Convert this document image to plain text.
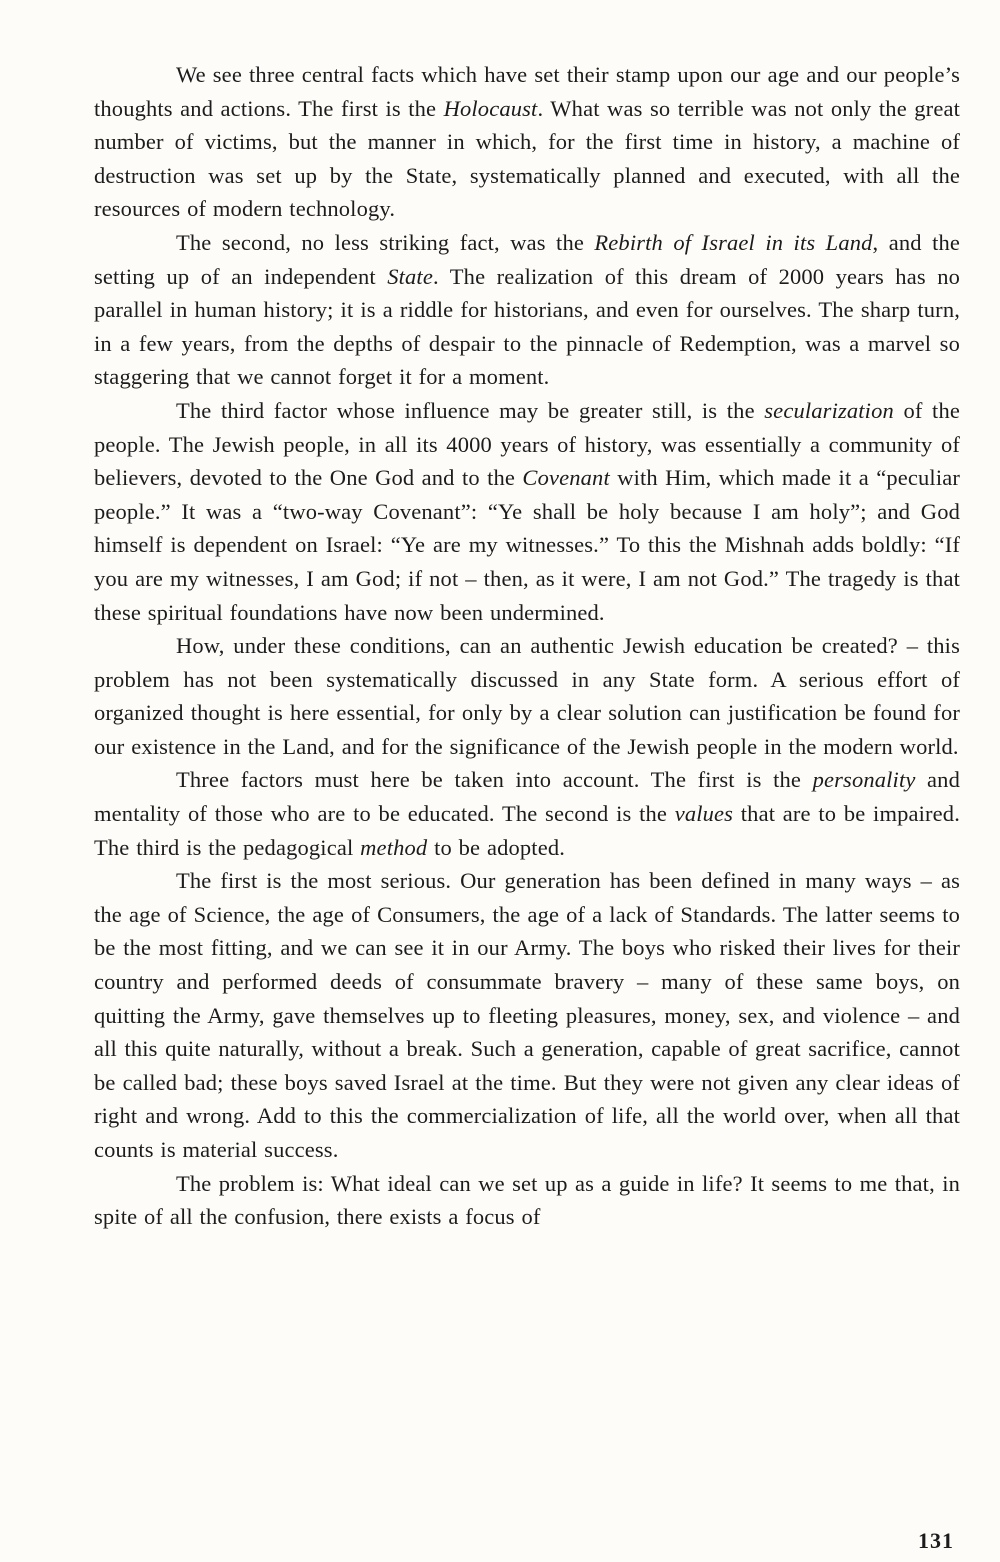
We see three central facts which have set their stamp upon our age and our people’s thoughts and actions. The first is the Holocaust. What was so terrible was not only the great number of victims, but the manner in which, for the first time in history, a machine of destruction was set up by the State, systematically planned and executed, with all the resources of modern technology.

The second, no less striking fact, was the Rebirth of Israel in its Land, and the setting up of an independent State. The realization of this dream of 2000 years has no parallel in human history; it is a riddle for historians, and even for ourselves. The sharp turn, in a few years, from the depths of despair to the pinnacle of Redemption, was a marvel so staggering that we cannot forget it for a moment.

The third factor whose influence may be greater still, is the secularization of the people. The Jewish people, in all its 4000 years of history, was essentially a community of believers, devoted to the One God and to the Covenant with Him, which made it a “peculiar people.” It was a “two-way Covenant”: “Ye shall be holy because I am holy”; and God himself is dependent on Israel: “Ye are my witnesses.” To this the Mishnah adds boldly: “If you are my witnesses, I am God; if not – then, as it were, I am not God.” The tragedy is that these spiritual foundations have now been undermined.

How, under these conditions, can an authentic Jewish education be created? – this problem has not been systematically discussed in any State form. A serious effort of organized thought is here essential, for only by a clear solution can justification be found for our existence in the Land, and for the significance of the Jewish people in the modern world.

Three factors must here be taken into account. The first is the personality and mentality of those who are to be educated. The second is the values that are to be impaired. The third is the pedagogical method to be adopted.

The first is the most serious. Our generation has been defined in many ways – as the age of Science, the age of Consumers, the age of a lack of Standards. The latter seems to be the most fitting, and we can see it in our Army. The boys who risked their lives for their country and performed deeds of consummate bravery – many of these same boys, on quitting the Army, gave themselves up to fleeting pleasures, money, sex, and violence – and all this quite naturally, without a break. Such a generation, capable of great sacrifice, cannot be called bad; these boys saved Israel at the time. But they were not given any clear ideas of right and wrong. Add to this the commercialization of life, all the world over, when all that counts is material success.

The problem is: What ideal can we set up as a guide in life? It seems to me that, in spite of all the confusion, there exists a focus of

131
